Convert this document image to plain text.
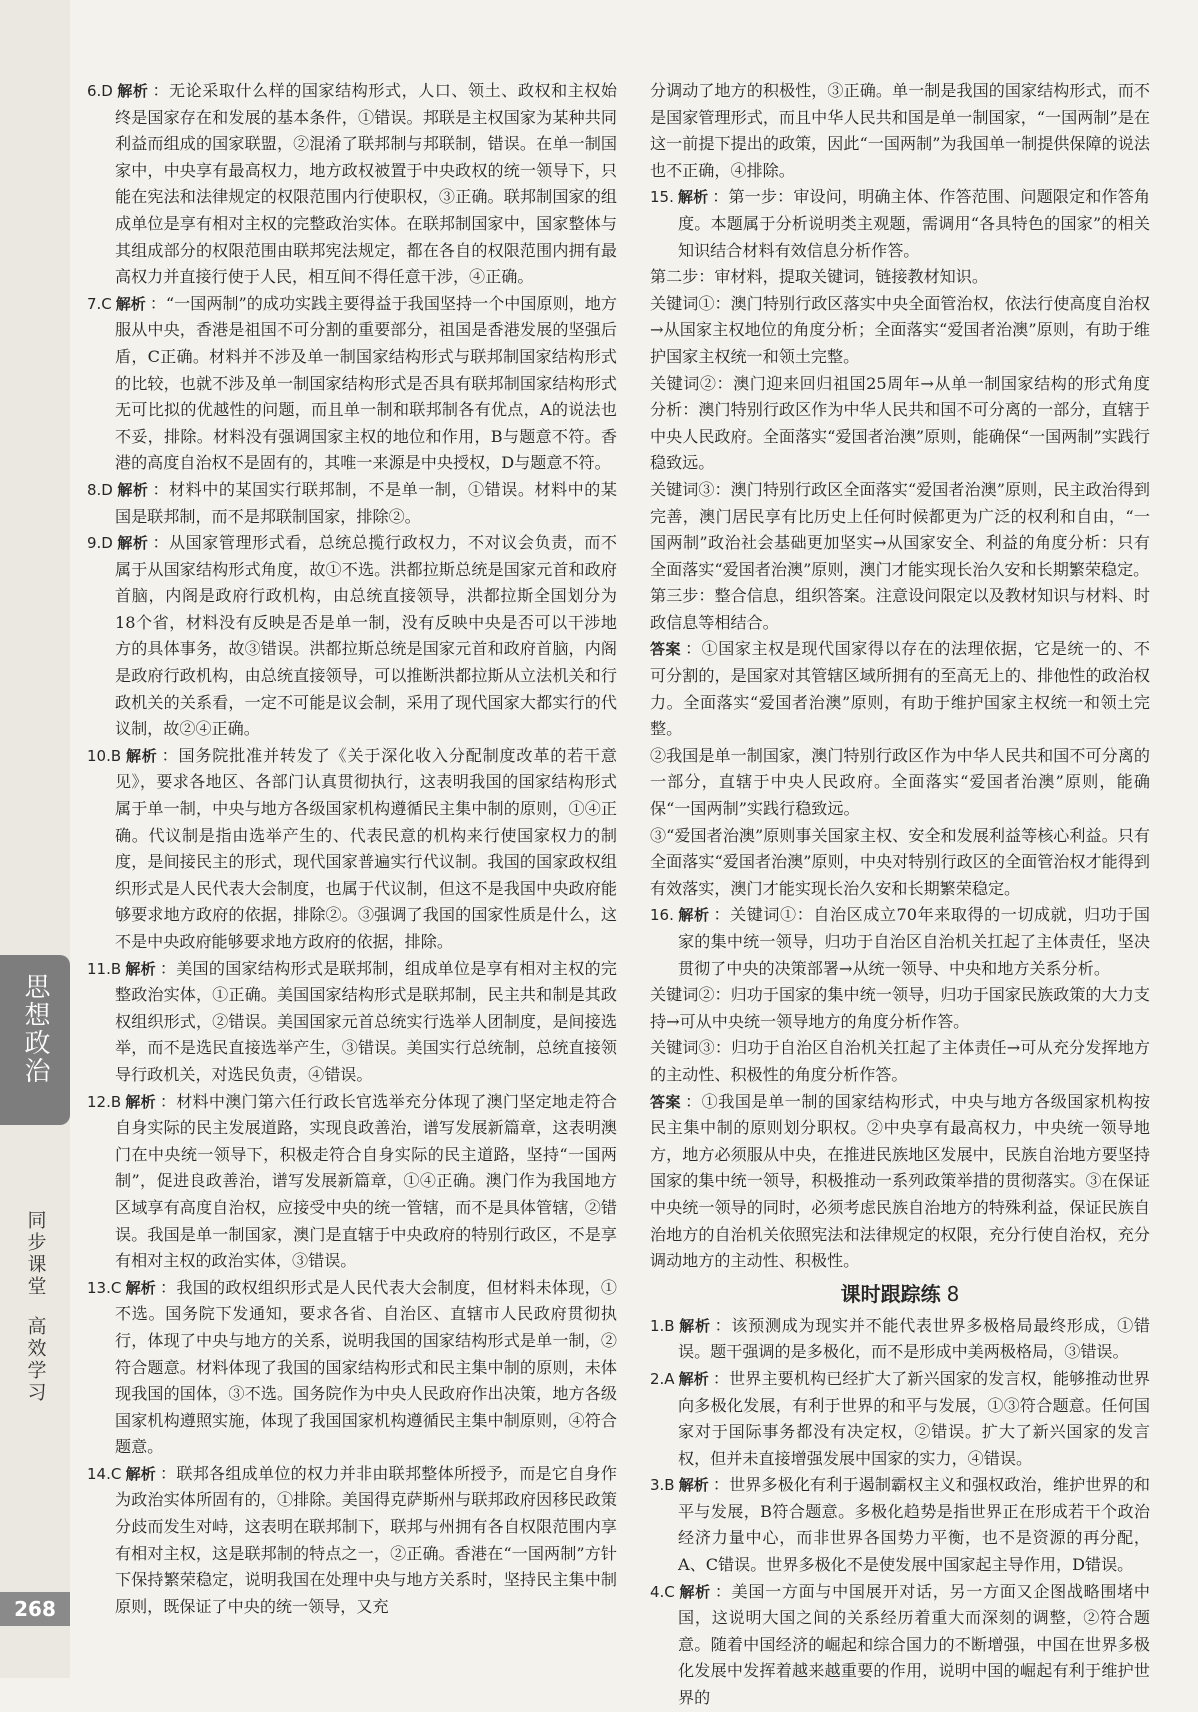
6.D 解析 ：无论采取什么样的国家结构形式，人口、领土、政权和主权始终是国家存在和发展的基本条件，①错误。邦联是主权国家为某种共同利益而组成的国家联盟，②混淆了联邦制与邦联制，错误。在单一制国家中，中央享有最高权力，地方政权被置于中央政权的统一领导下，只能在宪法和法律规定的权限范围内行使职权，③正确。联邦制国家的组成单位是享有相对主权的完整政治实体。在联邦制国家中，国家整体与其组成部分的权限范围由联邦宪法规定，都在各自的权限范围内拥有最高权力并直接行使于人民，相互间不得任意干涉，④正确。

7.C 解析 ：“一国两制”的成功实践主要得益于我国坚持一个中国原则，地方服从中央，香港是祖国不可分割的重要部分，祖国是香港发展的坚强后盾，C正确。材料并不涉及单一制国家结构形式与联邦制国家结构形式的比较，也就不涉及单一制国家结构形式是否具有联邦制国家结构形式无可比拟的优越性的问题，而且单一制和联邦制各有优点，A的说法也不妥，排除。材料没有强调国家主权的地位和作用，B与题意不符。香港的高度自治权不是固有的，其唯一来源是中央授权，D与题意不符。

8.D 解析 ：材料中的某国实行联邦制，不是单一制，①错误。材料中的某国是联邦制，而不是邦联制国家，排除②。

9.D 解析 ：从国家管理形式看，总统总揽行政权力，不对议会负责，而不属于从国家结构形式角度，故①不选。洪都拉斯总统是国家元首和政府首脑，内阁是政府行政机构，由总统直接领导，洪都拉斯全国划分为18个省，材料没有反映是否是单一制，没有反映中央是否可以干涉地方的具体事务，故③错误。洪都拉斯总统是国家元首和政府首脑，内阁是政府行政机构，由总统直接领导，可以推断洪都拉斯从立法机关和行政机关的关系看，一定不可能是议会制，采用了现代国家大都实行的代议制，故②④正确。

10.B 解析 ：国务院批准并转发了《关于深化收入分配制度改革的若干意见》，要求各地区、各部门认真贯彻执行，这表明我国的国家结构形式属于单一制，中央与地方各级国家机构遵循民主集中制的原则，①④正确。代议制是指由选举产生的、代表民意的机构来行使国家权力的制度，是间接民主的形式，现代国家普遍实行代议制。我国的国家政权组织形式是人民代表大会制度，也属于代议制，但这不是我国中央政府能够要求地方政府的依据，排除②。③强调了我国的国家性质是什么，这不是中央政府能够要求地方政府的依据，排除。

11.B 解析 ：美国的国家结构形式是联邦制，组成单位是享有相对主权的完整政治实体，①正确。美国国家结构形式是联邦制，民主共和制是其政权组织形式，②错误。美国国家元首总统实行选举人团制度，是间接选举，而不是选民直接选举产生，③错误。美国实行总统制，总统直接领导行政机关，对选民负责，④错误。

12.B 解析 ：材料中澳门第六任行政长官选举充分体现了澳门坚定地走符合自身实际的民主发展道路，实现良政善治，谱写发展新篇章，这表明澳门在中央统一领导下，积极走符合自身实际的民主道路，坚持“一国两制”，促进良政善治，谱写发展新篇章，①④正确。澳门作为我国地方区域享有高度自治权，应接受中央的统一管辖，而不是具体管辖，②错误。我国是单一制国家，澳门是直辖于中央政府的特别行政区，不是享有相对主权的政治实体，③错误。

13.C 解析 ：我国的政权组织形式是人民代表大会制度，但材料未体现，①不选。国务院下发通知，要求各省、自治区、直辖市人民政府贯彻执行，体现了中央与地方的关系，说明我国的国家结构形式是单一制，②符合题意。材料体现了我国的国家结构形式和民主集中制的原则，未体现我国的国体，③不选。国务院作为中央人民政府作出决策，地方各级国家机构遵照实施，体现了我国国家机构遵循民主集中制原则，④符合题意。

14.C 解析 ：联邦各组成单位的权力并非由联邦整体所授予，而是它自身作为政治实体所固有的，①排除。美国得克萨斯州与联邦政府因移民政策分歧而发生对峙，这表明在联邦制下，联邦与州拥有各自权限范围内享有相对主权，这是联邦制的特点之一，②正确。香港在“一国两制”方针下保持繁荣稳定，说明我国在处理中央与地方关系时，坚持民主集中制原则，既保证了中央的统一领导，又充

分调动了地方的积极性，③正确。单一制是我国的国家结构形式，而不是国家管理形式，而且中华人民共和国是单一制国家，“一国两制”是在这一前提下提出的政策，因此“一国两制”为我国单一制提供保障的说法也不正确，④排除。

15. 解析 ：第一步：审设问，明确主体、作答范围、问题限定和作答角度。本题属于分析说明类主观题，需调用“各具特色的国家”的相关知识结合材料有效信息分析作答。

第二步：审材料，提取关键词，链接教材知识。

关键词①：澳门特别行政区落实中央全面管治权，依法行使高度自治权→从国家主权地位的角度分析；全面落实“爱国者治澳”原则，有助于维护国家主权统一和领土完整。

关键词②：澳门迎来回归祖国25周年→从单一制国家结构的形式角度分析：澳门特别行政区作为中华人民共和国不可分离的一部分，直辖于中央人民政府。全面落实“爱国者治澳”原则，能确保“一国两制”实践行稳致远。

关键词③：澳门特别行政区全面落实“爱国者治澳”原则，民主政治得到完善，澳门居民享有比历史上任何时候都更为广泛的权利和自由，“一国两制”政治社会基础更加坚实→从国家安全、利益的角度分析：只有全面落实“爱国者治澳”原则，澳门才能实现长治久安和长期繁荣稳定。

第三步：整合信息，组织答案。注意设问限定以及教材知识与材料、时政信息等相结合。

答案 ：①国家主权是现代国家得以存在的法理依据，它是统一的、不可分割的，是国家对其管辖区域所拥有的至高无上的、排他性的政治权力。全面落实“爱国者治澳”原则，有助于维护国家主权统一和领土完整。

②我国是单一制国家，澳门特别行政区作为中华人民共和国不可分离的一部分，直辖于中央人民政府。全面落实“爱国者治澳”原则，能确保“一国两制”实践行稳致远。

③“爱国者治澳”原则事关国家主权、安全和发展利益等核心利益。只有全面落实“爱国者治澳”原则，中央对特别行政区的全面管治权才能得到有效落实，澳门才能实现长治久安和长期繁荣稳定。

16. 解析 ：关键词①：自治区成立70年来取得的一切成就，归功于国家的集中统一领导，归功于自治区自治机关扛起了主体责任，坚决贯彻了中央的决策部署→从统一领导、中央和地方关系分析。

关键词②：归功于国家的集中统一领导，归功于国家民族政策的大力支持→可从中央统一领导地方的角度分析作答。

关键词③：归功于自治区自治机关扛起了主体责任→可从充分发挥地方的主动性、积极性的角度分析作答。

答案 ：①我国是单一制的国家结构形式，中央与地方各级国家机构按民主集中制的原则划分职权。②中央享有最高权力，中央统一领导地方，地方必须服从中央，在推进民族地区发展中，民族自治地方要坚持国家的集中统一领导，积极推动一系列政策举措的贯彻落实。③在保证中央统一领导的同时，必须考虑民族自治地方的特殊利益，保证民族自治地方的自治机关依照宪法和法律规定的权限，充分行使自治权，充分调动地方的主动性、积极性。

课时跟踪练 8

1.B 解析 ：该预测成为现实并不能代表世界多极格局最终形成，①错误。题干强调的是多极化，而不是形成中美两极格局，③错误。

2.A 解析 ：世界主要机构已经扩大了新兴国家的发言权，能够推动世界向多极化发展，有利于世界的和平与发展，①③符合题意。任何国家对于国际事务都没有决定权，②错误。扩大了新兴国家的发言权，但并未直接增强发展中国家的实力，④错误。

3.B 解析 ：世界多极化有利于遏制霸权主义和强权政治，维护世界的和平与发展，B符合题意。多极化趋势是指世界正在形成若干个政治经济力量中心，而非世界各国势力平衡，也不是资源的再分配，A、C错误。世界多极化不是使发展中国家起主导作用，D错误。

4.C 解析 ：美国一方面与中国展开对话，另一方面又企图战略围堵中国，这说明大国之间的关系经历着重大而深刻的调整，②符合题意。随着中国经济的崛起和综合国力的不断增强，中国在世界多极化发展中发挥着越来越重要的作用，说明中国的崛起有利于维护世界的

思想政治
同步课堂
高效学习
268
